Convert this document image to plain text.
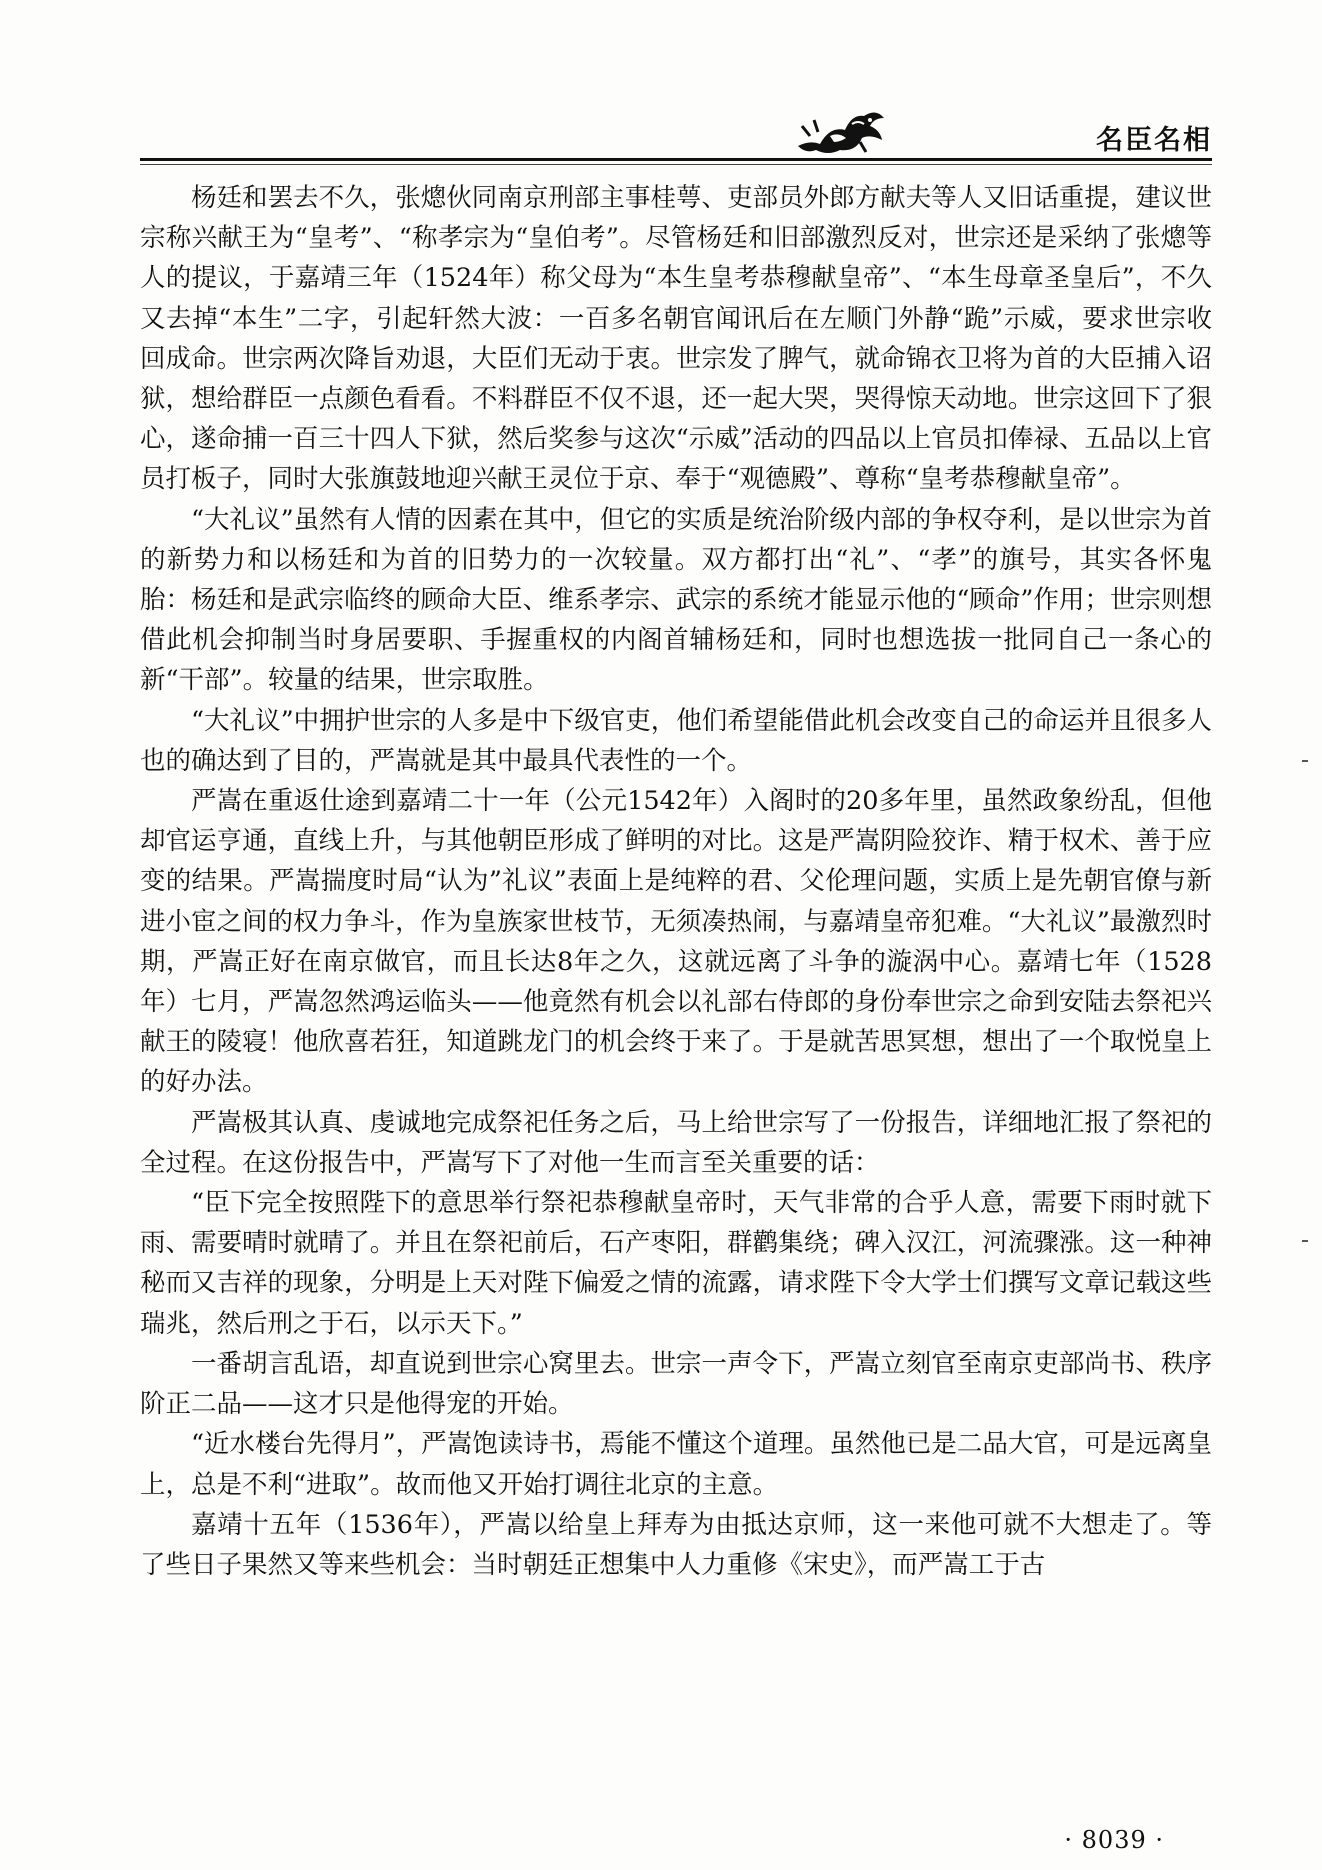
名臣名相

杨廷和罢去不久，张熜伙同南京刑部主事桂萼、吏部员外郎方献夫等人又旧话重提，建议世宗称兴献王为“皇考”、“称孝宗为“皇伯考”。尽管杨廷和旧部激烈反对，世宗还是采纳了张熜等人的提议，于嘉靖三年（1524年）称父母为“本生皇考恭穆献皇帝”、“本生母章圣皇后”，不久又去掉“本生”二字，引起轩然大波：一百多名朝官闻讯后在左顺门外静“跪”示威，要求世宗收回成命。世宗两次降旨劝退，大臣们无动于衷。世宗发了脾气，就命锦衣卫将为首的大臣捕入诏狱，想给群臣一点颜色看看。不料群臣不仅不退，还一起大哭，哭得惊天动地。世宗这回下了狠心，遂命捕一百三十四人下狱，然后奖参与这次“示威”活动的四品以上官员扣俸禄、五品以上官员打板子，同时大张旗鼓地迎兴献王灵位于京、奉于“观德殿”、尊称“皇考恭穆献皇帝”。

“大礼议”虽然有人情的因素在其中，但它的实质是统治阶级内部的争权夺利，是以世宗为首的新势力和以杨廷和为首的旧势力的一次较量。双方都打出“礼”、“孝”的旗号，其实各怀鬼胎：杨廷和是武宗临终的顾命大臣、维系孝宗、武宗的系统才能显示他的“顾命”作用；世宗则想借此机会抑制当时身居要职、手握重权的内阁首辅杨廷和，同时也想选拔一批同自己一条心的新“干部”。较量的结果，世宗取胜。

“大礼议”中拥护世宗的人多是中下级官吏，他们希望能借此机会改变自己的命运并且很多人也的确达到了目的，严嵩就是其中最具代表性的一个。

严嵩在重返仕途到嘉靖二十一年（公元1542年）入阁时的20多年里，虽然政象纷乱，但他却官运亨通，直线上升，与其他朝臣形成了鲜明的对比。这是严嵩阴险狡诈、精于权术、善于应变的结果。严嵩揣度时局“认为”礼议”表面上是纯粹的君、父伦理问题，实质上是先朝官僚与新进小宦之间的权力争斗，作为皇族家世枝节，无须凑热闹，与嘉靖皇帝犯难。“大礼议”最激烈时期，严嵩正好在南京做官，而且长达8年之久，这就远离了斗争的漩涡中心。嘉靖七年（1528年）七月，严嵩忽然鸿运临头——他竟然有机会以礼部右侍郎的身份奉世宗之命到安陆去祭祀兴献王的陵寝！他欣喜若狂，知道跳龙门的机会终于来了。于是就苦思冥想，想出了一个取悦皇上的好办法。

严嵩极其认真、虔诚地完成祭祀任务之后，马上给世宗写了一份报告，详细地汇报了祭祀的全过程。在这份报告中，严嵩写下了对他一生而言至关重要的话：

“臣下完全按照陛下的意思举行祭祀恭穆献皇帝时，天气非常的合乎人意，需要下雨时就下雨、需要晴时就晴了。并且在祭祀前后，石产枣阳，群鹳集绕；碑入汉江，河流骤涨。这一种神秘而又吉祥的现象，分明是上天对陛下偏爱之情的流露，请求陛下令大学士们撰写文章记载这些瑞兆，然后刑之于石，以示天下。”

一番胡言乱语，却直说到世宗心窝里去。世宗一声令下，严嵩立刻官至南京吏部尚书、秩序阶正二品——这才只是他得宠的开始。

“近水楼台先得月”，严嵩饱读诗书，焉能不懂这个道理。虽然他已是二品大官，可是远离皇上，总是不利“进取”。故而他又开始打调往北京的主意。

嘉靖十五年（1536年），严嵩以给皇上拜寿为由抵达京师，这一来他可就不大想走了。等了些日子果然又等来些机会：当时朝廷正想集中人力重修《宋史》，而严嵩工于古

· 8039 ·
